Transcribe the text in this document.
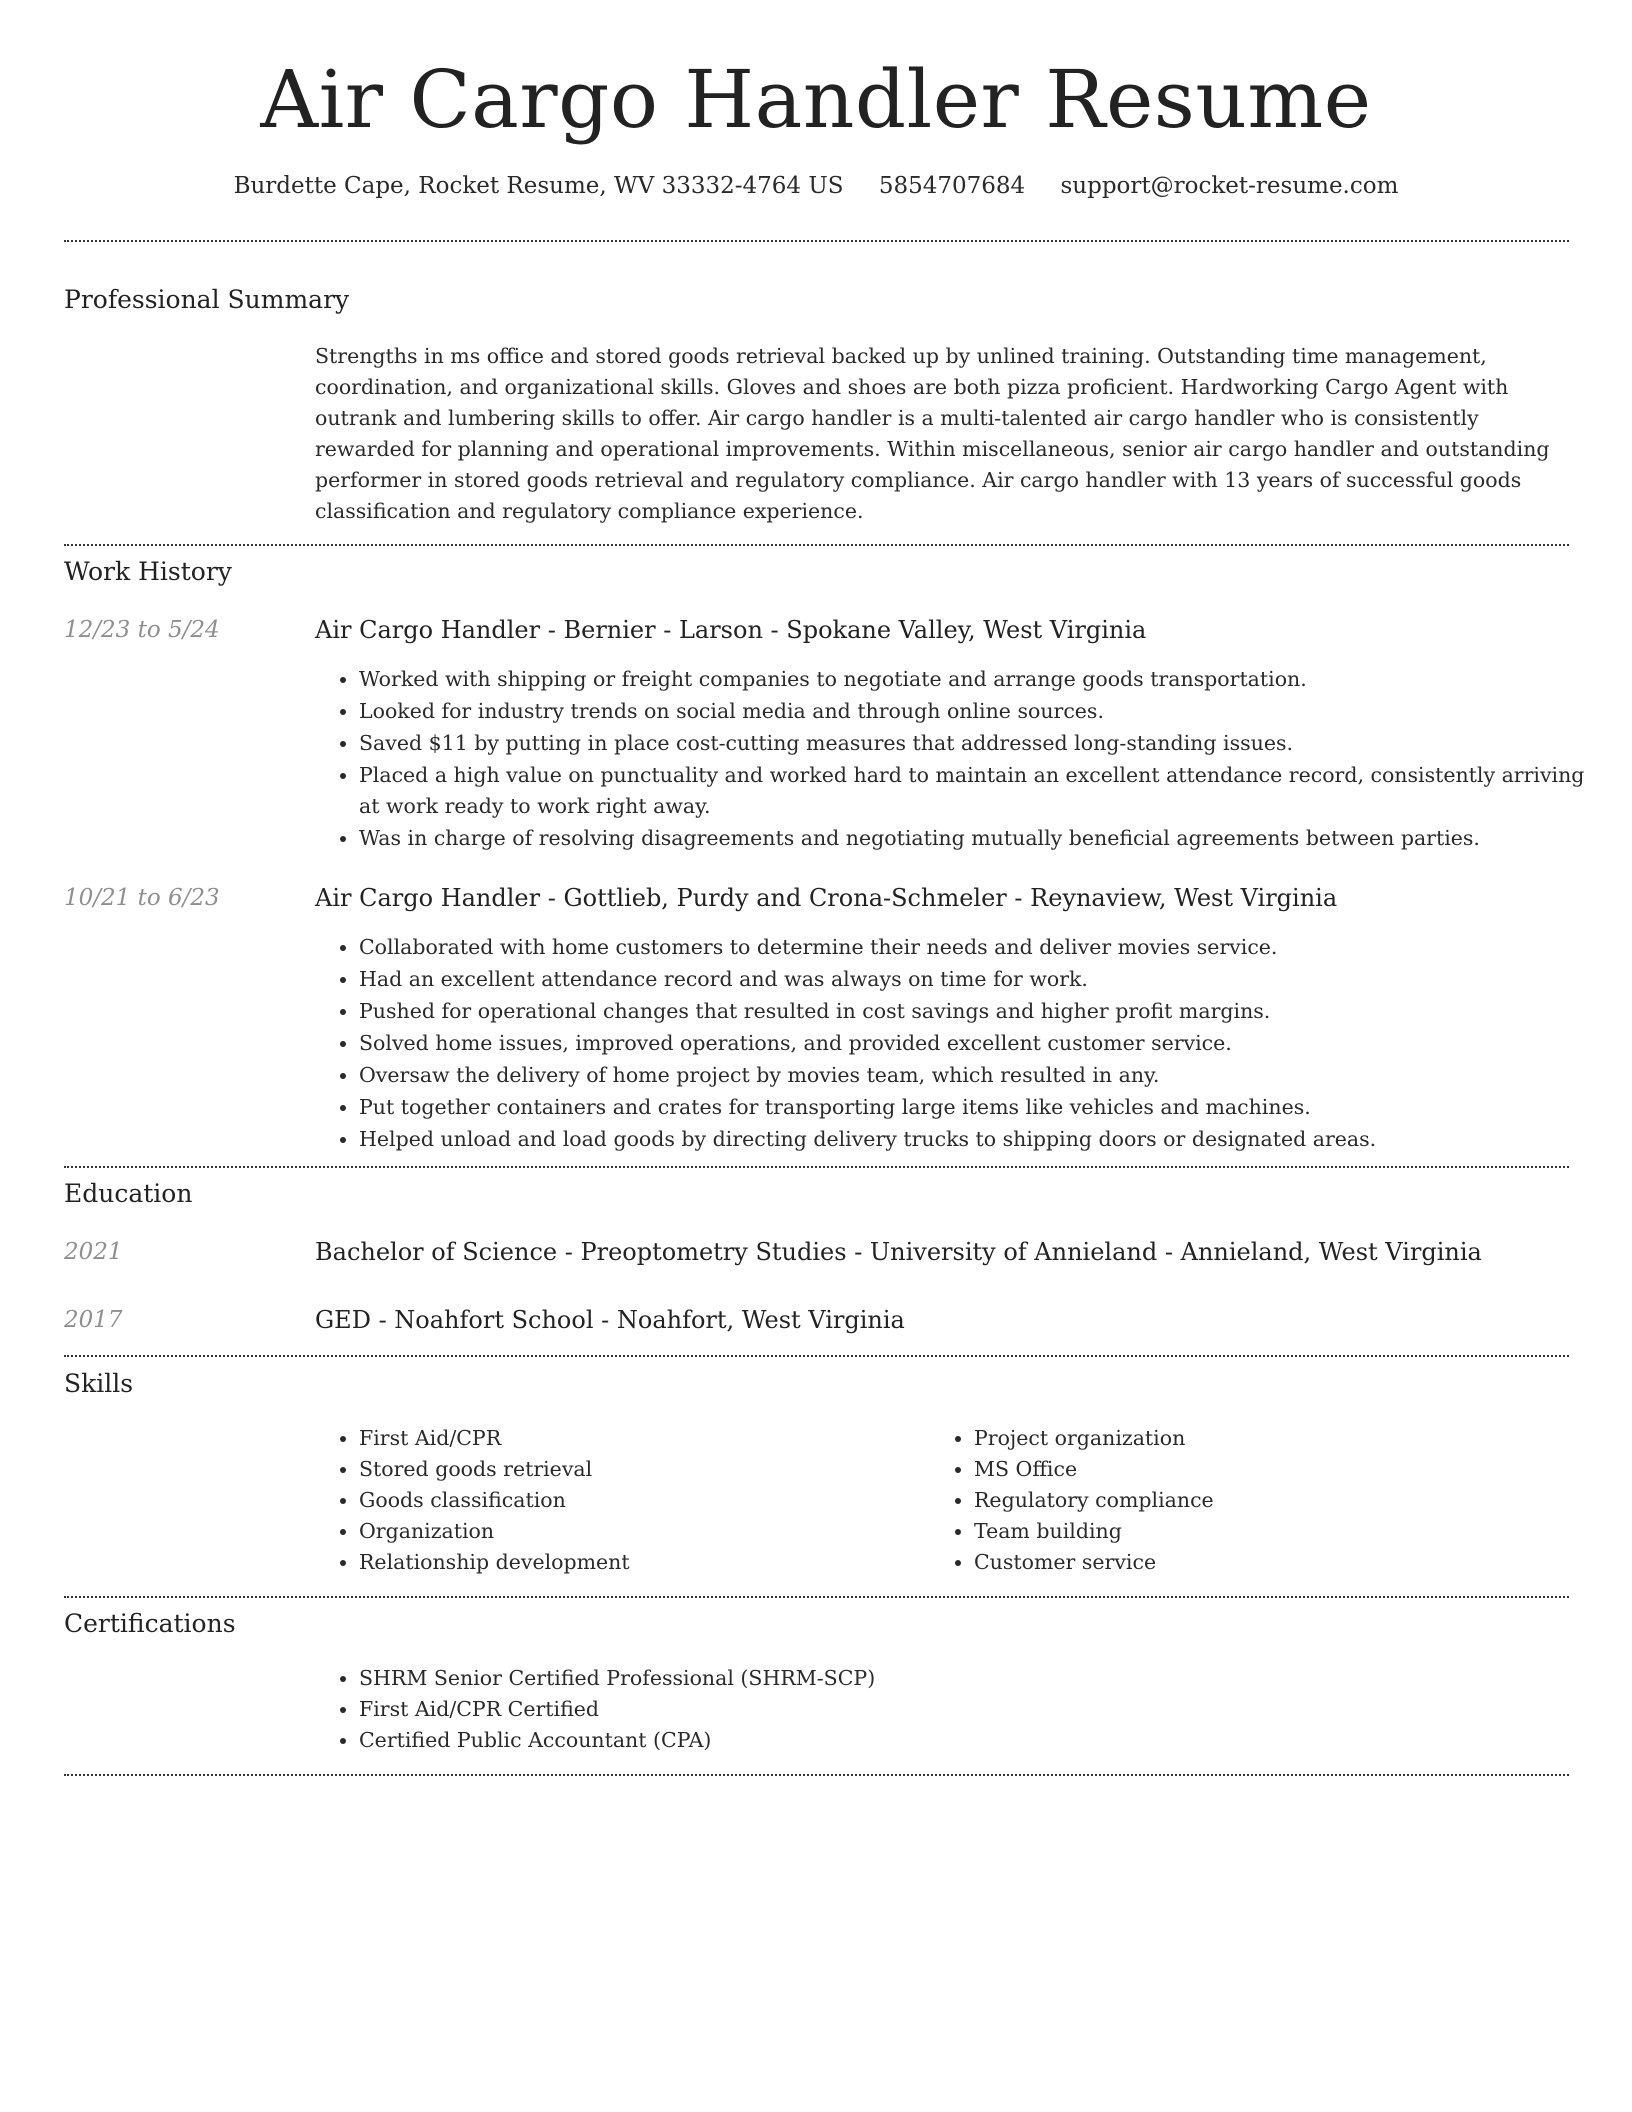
Air Cargo Handler Resume
Burdette Cape, Rocket Resume, WV 33332-4764 US 5854707684 support@rocket-resume.com
Professional Summary

Strengths in ms office and stored goods retrieval backed up by unlined training. Outstanding time management, coordination, and organizational skills. Gloves and shoes are both pizza proficient. Hardworking Cargo Agent with outrank and lumbering skills to offer. Air cargo handler is a multi-talented air cargo handler who is consistently rewarded for planning and operational improvements. Within miscellaneous, senior air cargo handler and outstanding performer in stored goods retrieval and regulatory compliance. Air cargo handler with 13 years of successful goods classification and regulatory compliance experience.

Work History
12/23 to 5/24	Air Cargo Handler - Bernier - Larson - Spokane Valley, West Virginia
• Worked with shipping or freight companies to negotiate and arrange goods transportation.
• Looked for industry trends on social media and through online sources.
• Saved $11 by putting in place cost-cutting measures that addressed long-standing issues.
• Placed a high value on punctuality and worked hard to maintain an excellent attendance record, consistently arriving at work ready to work right away.
• Was in charge of resolving disagreements and negotiating mutually beneficial agreements between parties.
10/21 to 6/23	Air Cargo Handler - Gottlieb, Purdy and Crona-Schmeler - Reynaview, West Virginia
• Collaborated with home customers to determine their needs and deliver movies service.
• Had an excellent attendance record and was always on time for work.
• Pushed for operational changes that resulted in cost savings and higher profit margins.
• Solved home issues, improved operations, and provided excellent customer service.
• Oversaw the delivery of home project by movies team, which resulted in any.
• Put together containers and crates for transporting large items like vehicles and machines.
• Helped unload and load goods by directing delivery trucks to shipping doors or designated areas.
Education
2021	Bachelor of Science - Preoptometry Studies - University of Annieland - Annieland, West Virginia
2017	GED - Noahfort School - Noahfort, West Virginia
Skills
• First Aid/CPR
• Stored goods retrieval
• Goods classification
• Organization
• Relationship development
• Project organization
• MS Office
• Regulatory compliance
• Team building
• Customer service
Certifications
• SHRM Senior Certified Professional (SHRM-SCP)
• First Aid/CPR Certified
• Certified Public Accountant (CPA)
